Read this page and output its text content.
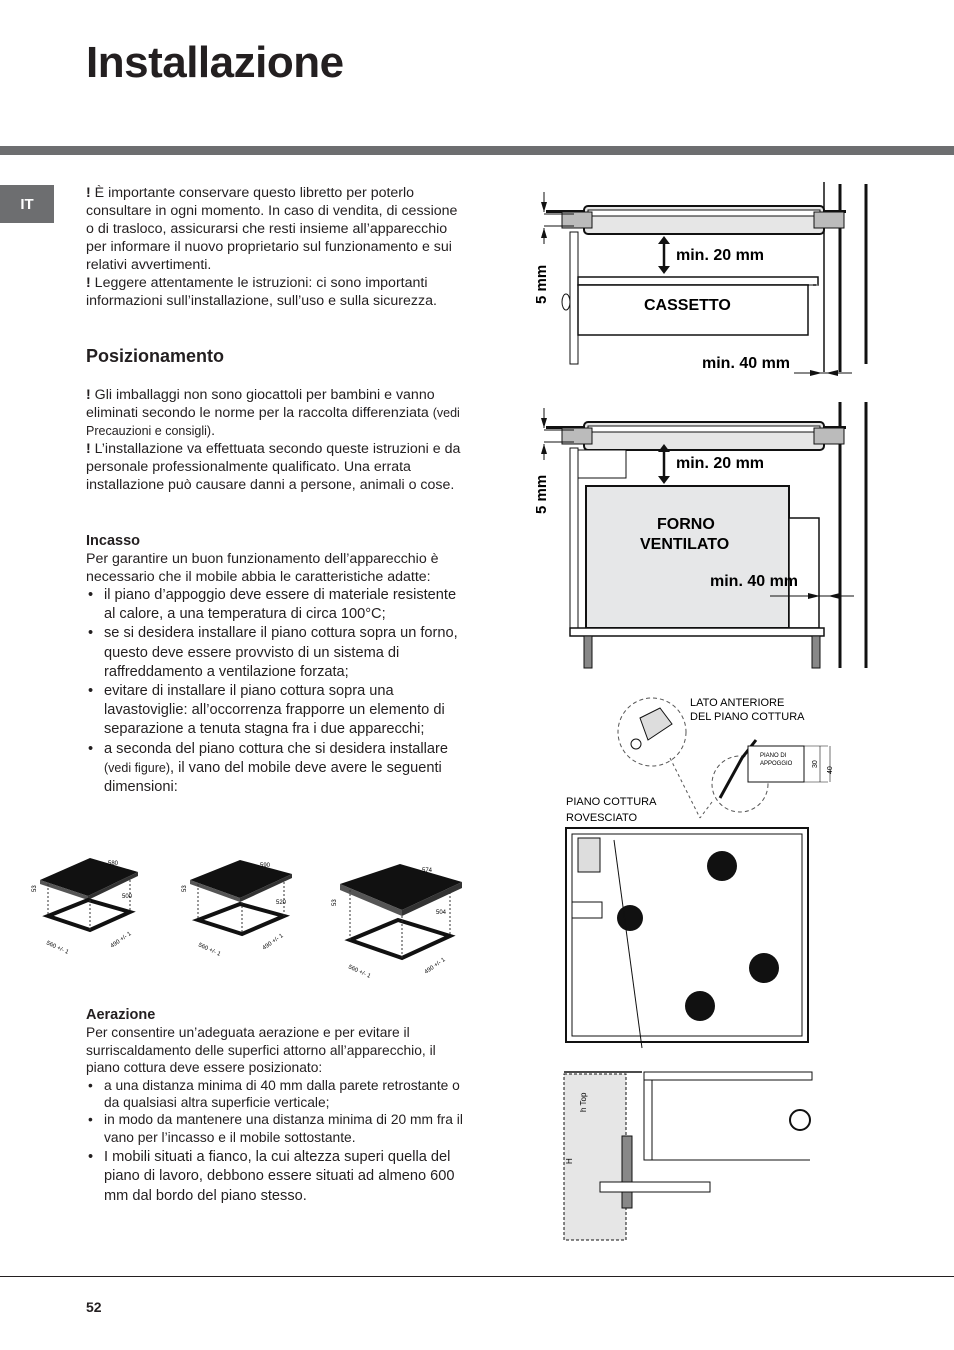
Installazione
IT

! È importante conservare questo libretto per poterlo consultare in ogni momento. In caso di vendita, di cessione o di trasloco, assicurarsi che resti insieme all’apparecchio per informare il nuovo proprietario sul funzionamento e sui relativi avvertimenti.

! Leggere attentamente le istruzioni: ci sono importanti informazioni sull’installazione, sull’uso e sulla sicurezza.

Posizionamento

! Gli imballaggi non sono giocattoli per bambini e vanno eliminati secondo le norme per la raccolta differenziata (vedi Precauzioni e consigli).

! L’installazione va effettuata secondo queste istruzioni e da personale professionalmente qualificato. Una errata installazione può causare danni a persone, animali o cose.

Incasso

Per garantire un buon funzionamento dell’apparecchio è necessario che il mobile abbia le caratteristiche adatte:

• il piano d’appoggio deve essere di materiale resistente al calore, a una temperatura di circa 100°C;
• se si desidera installare il piano cottura sopra un forno, questo deve essere provvisto di un sistema di raffreddamento a ventilazione forzata;
• evitare di installare il piano cottura sopra una lavastoviglie: all’occorrenza frapporre un elemento di separazione a tenuta stagna fra i due apparecchi;
• a seconda del piano cottura che si desidera installare (vedi figure), il vano del mobile deve avere le seguenti dimensioni:
580
500
53
560 +/- 1	490 +/- 1
590
520
53
560 +/- 1	490 +/- 1
574
504
53
560 +/- 1	490 +/- 1
Aerazione

Per consentire un’adeguata aerazione e per evitare il surriscaldamento delle superfici attorno all’apparecchio, il piano cottura deve essere posizionato:

• a una distanza minima di 40 mm dalla parete retrostante o da qualsiasi altra superficie verticale;
• in modo da mantenere una distanza minima di 20 mm fra il vano per l’incasso e il mobile sottostante.
• I mobili situati a fianco, la cui altezza superi quella del piano di lavoro, debbono essere situati ad almeno 600 mm dal bordo del piano stesso.
min. 20 mm
CASSETTO
min. 40 mm
5 mm
min. 20 mm
FORNO
VENTILATO
min. 40 mm
5 mm
LATO ANTERIORE
DEL PIANO COTTURA
PIANO DI
APPOGGIO	30
40
PIANO COTTURA
ROVESCIATO
h Top
H
52
